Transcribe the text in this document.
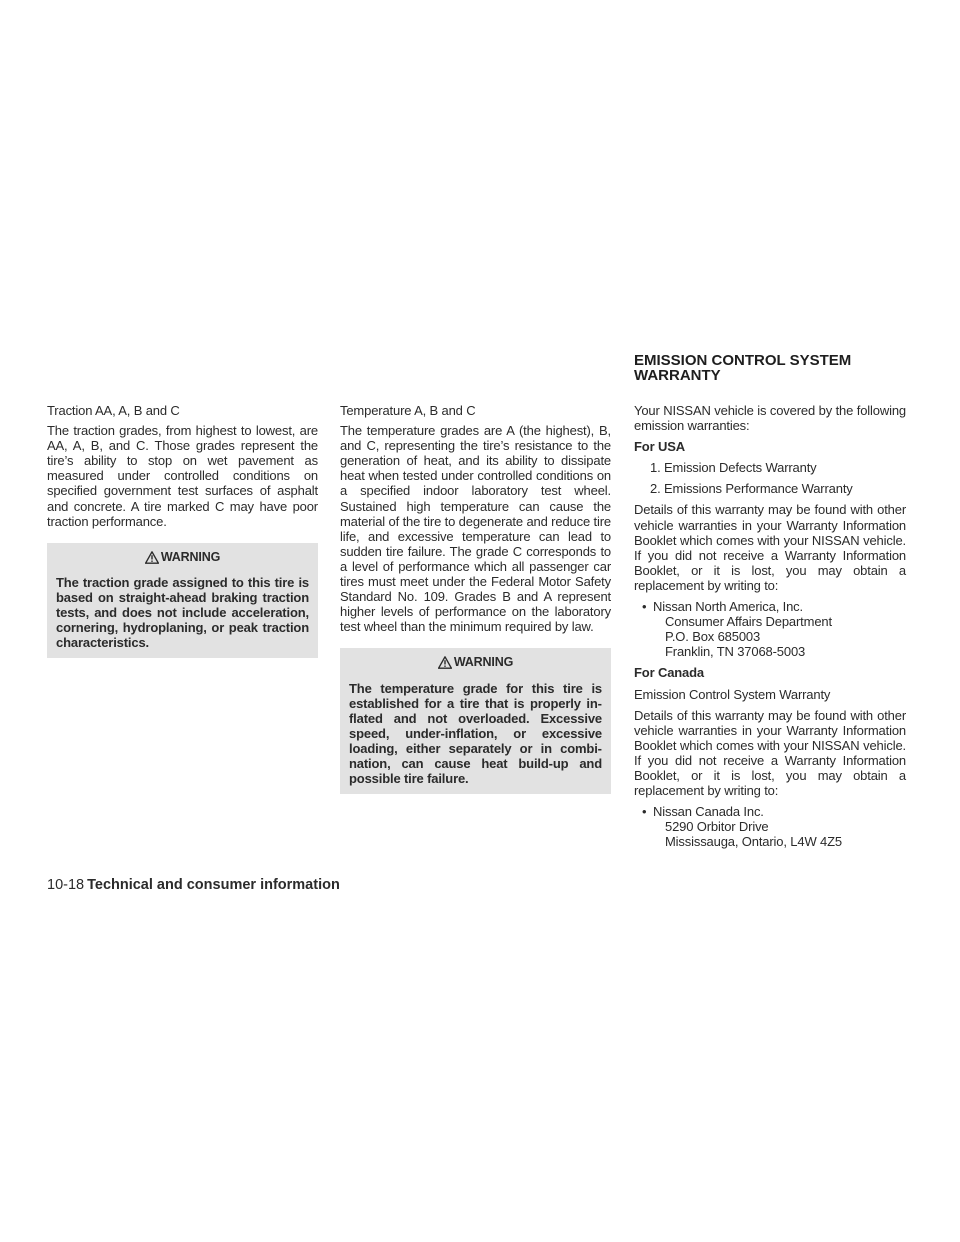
Traction AA, A, B and C

The traction grades, from highest to lowest, are AA, A, B, and C. Those grades represent the tire’s ability to stop on wet pavement as measured under controlled conditions on specified government test surfaces of asphalt and concrete. A tire marked C may have poor traction performance.

WARNING
The traction grade assigned to this tire is based on straight-ahead braking traction tests, and does not include acceleration, cornering, hydroplaning, or peak traction characteristics.

Temperature A, B and C

The temperature grades are A (the highest), B, and C, representing the tire’s resistance to the generation of heat, and its ability to dissipate heat when tested under controlled conditions on a specified indoor laboratory test wheel. Sustained high temperature can cause the material of the tire to degenerate and reduce tire life, and excessive temperature can lead to sudden tire failure. The grade C corresponds to a level of performance which all passenger car tires must meet under the Federal Motor Safety Standard No. 109. Grades B and A represent higher levels of performance on the laboratory test wheel than the minimum required by law.

WARNING
The temperature grade for this tire is established for a tire that is properly inflated and not overloaded. Excessive speed, under-inflation, or excessive loading, either separately or in combination, can cause heat build-up and possible tire failure.
EMISSION CONTROL SYSTEM
WARRANTY

Your NISSAN vehicle is covered by the following emission warranties:

For USA

1. Emission Defects Warranty

2. Emissions Performance Warranty

Details of this warranty may be found with other vehicle warranties in your Warranty Information Booklet which comes with your NISSAN vehicle. If you did not receive a Warranty Information Booklet, or it is lost, you may obtain a replacement by writing to:

• Nissan North America, Inc.
Consumer Affairs Department
P.O. Box 685003
Franklin, TN 37068-5003

For Canada

Emission Control System Warranty

Details of this warranty may be found with other vehicle warranties in your Warranty Information Booklet which comes with your NISSAN vehicle. If you did not receive a Warranty Information Booklet, or it is lost, you may obtain a replacement by writing to:

• Nissan Canada Inc.
5290 Orbitor Drive
Mississauga, Ontario, L4W 4Z5
10-18 Technical and consumer information
